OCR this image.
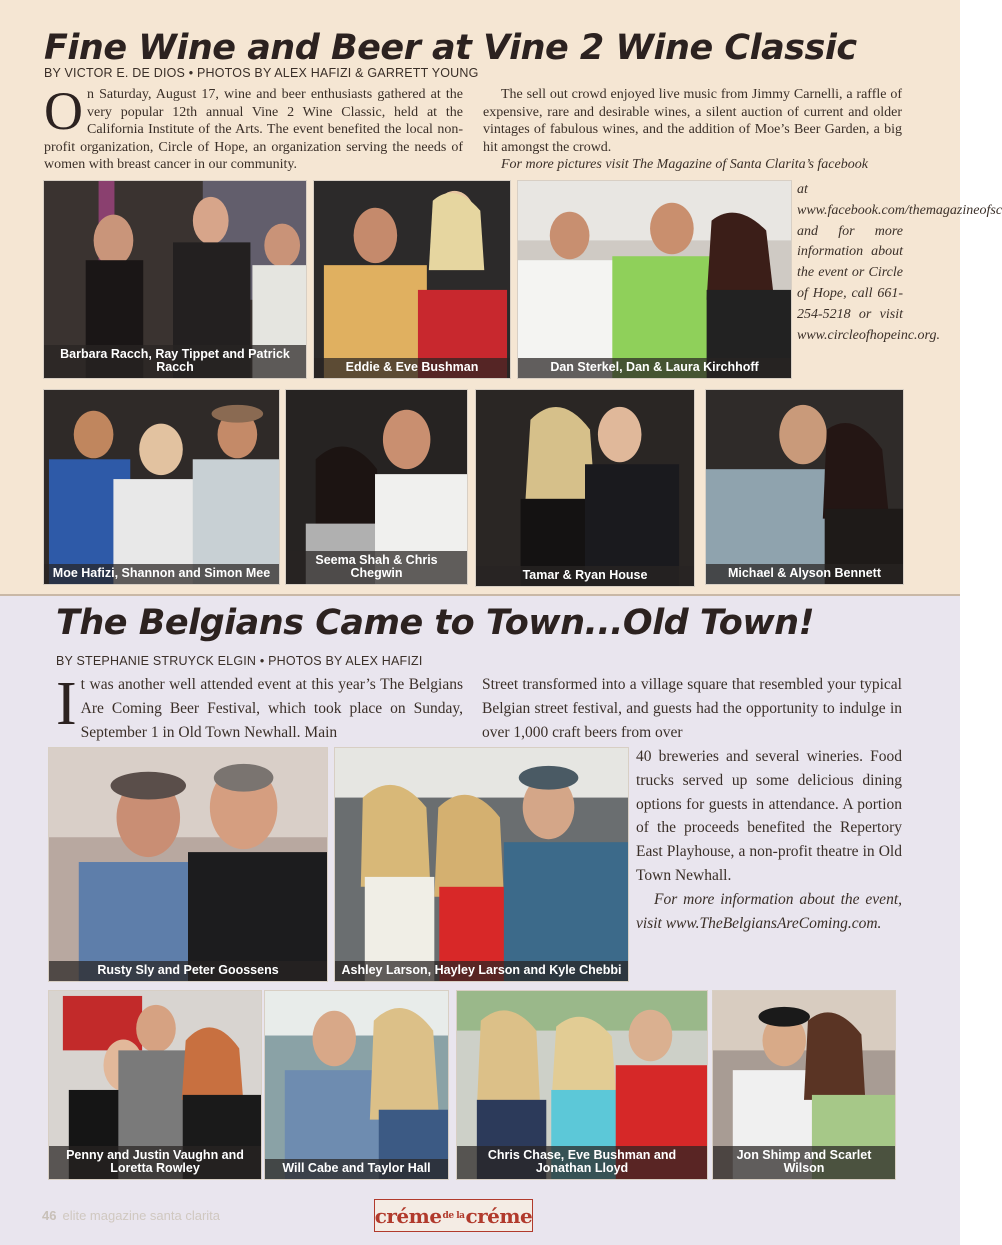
Fine Wine and Beer at Vine 2 Wine Classic
BY VICTOR E. DE DIOS • PHOTOS BY ALEX HAFIZI & GARRETT YOUNG
O n Saturday, August 17, wine and beer enthusiasts gathered at the very popular 12th annual Vine 2 Wine Classic, held at the California Institute of the Arts. The event benefited the local non-profit organization, Circle of Hope, an organization serving the needs of women with breast cancer in our community.
The sell out crowd enjoyed live music from Jimmy Carnelli, a raffle of expensive, rare and desirable wines, a silent auction of current and older vintages of fabulous wines, and the addition of Moe’s Beer Garden, a big hit amongst the crowd.
For more pictures visit The Magazine of Santa Clarita’s facebook
at www.facebook.com/themagazineofsc and for more information about the event or Circle of Hope, call 661-254-5218 or visit www.circleofhopeinc.org.
Barbara Racch, Ray Tippet and Patrick Racch	Eddie & Eve Bushman	Dan Sterkel, Dan & Laura Kirchhoff
Moe Hafizi, Shannon and Simon Mee
Seema Shah & Chris Chegwin	Tamar & Ryan House	Michael & Alyson Bennett
The Belgians Came to Town...Old Town!
BY STEPHANIE STRUYCK ELGIN • PHOTOS BY ALEX HAFIZI
I t was another well attended event at this year’s The Belgians Are Coming Beer Festival, which took place on Sunday, September 1 in Old Town Newhall. Main
Street transformed into a village square that resembled your typical Belgian street festival, and guests had the opportunity to indulge in over 1,000 craft beers from over
40 breweries and several wineries. Food trucks served up some delicious dining options for guests in attendance. A portion of the proceeds benefited the Repertory East Playhouse, a non-profit theatre in Old Town Newhall.
For more information about the event, visit www.TheBelgiansAreComing.com.
Rusty Sly and Peter Goossens	Ashley Larson, Hayley Larson and Kyle Chebbi
Penny and Justin Vaughn and Loretta Rowley	Will Cabe and Taylor Hall
Chris Chase, Eve Bushman and Jonathan Lloyd
Jon Shimp and Scarlet Wilson
46 elite magazine santa clarita	créme de la créme
